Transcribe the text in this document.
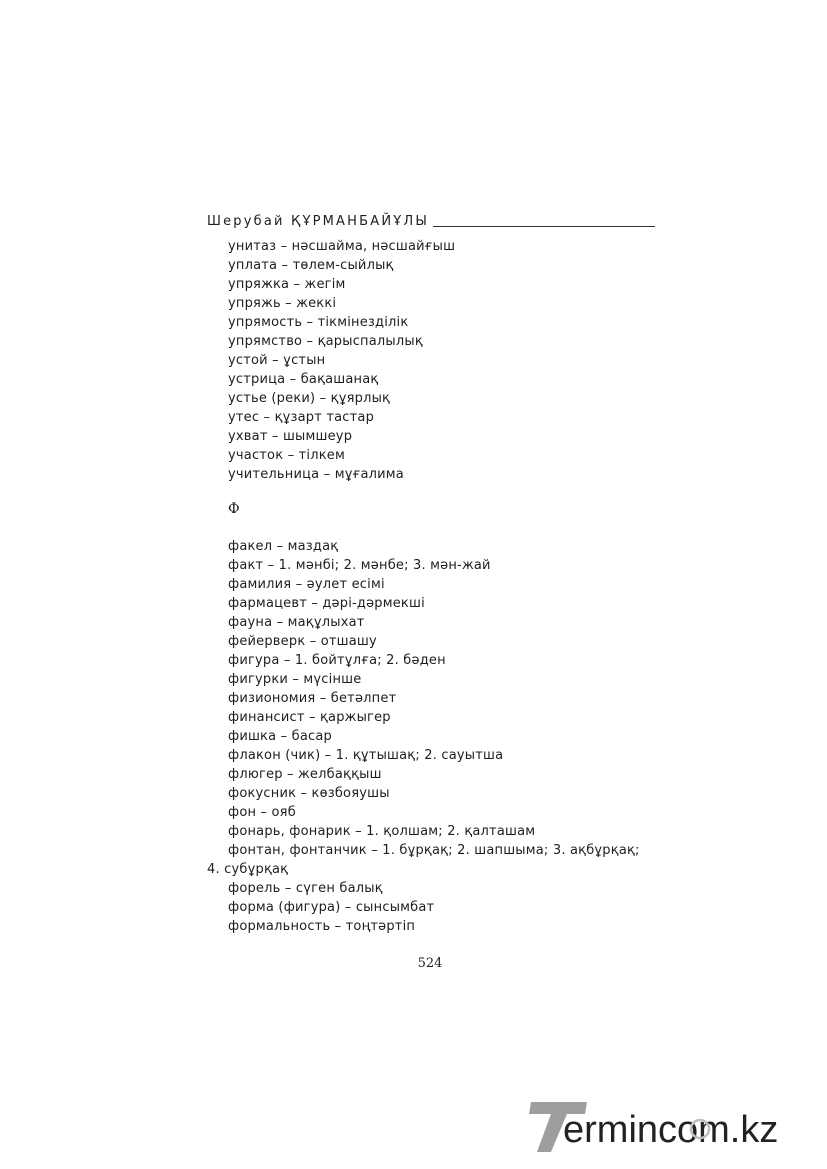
Шерубай ҚҰРМАНБАЙҰЛЫ
унитаз – нәсшайма, нәсшайғыш
уплата – төлем-сыйлық
упряжка – жегім
упряжь – жеккі
упрямость – тікмінезділік
упрямство – қарыспалылық
устой – ұстын
устрица – бақашанақ
устье (реки) – құярлық
утес – құзарт тастар
ухват – шымшеур
участок – тілкем
учительница – мұғалима
Ф
факел – маздақ
факт – 1. мәнбі; 2. мәнбе; 3. мән-жай
фамилия – әулет есімі
фармацевт – дәрі-дәрмекші
фауна – мақұлыхат
фейерверк – отшашу
фигура – 1. бойтұлға; 2. бәден
фигурки – мүсінше
физиономия – бетәлпет
финансист – қаржыгер
фишка – басар
флакон (чик) – 1. құтышақ; 2. сауытша
флюгер – желбаққыш
фокусник – көзбояушы
фон – ояб
фонарь, фонарик – 1. қолшам; 2. қалташам
фонтан, фонтанчик – 1. бұрқақ; 2. шапшыма; 3. ақбұрқақ;
4. субұрқақ
форель – сүген балық
форма (фигура) – сынсымбат
формальность – тоңтәртіп
524
ermincom.kz
